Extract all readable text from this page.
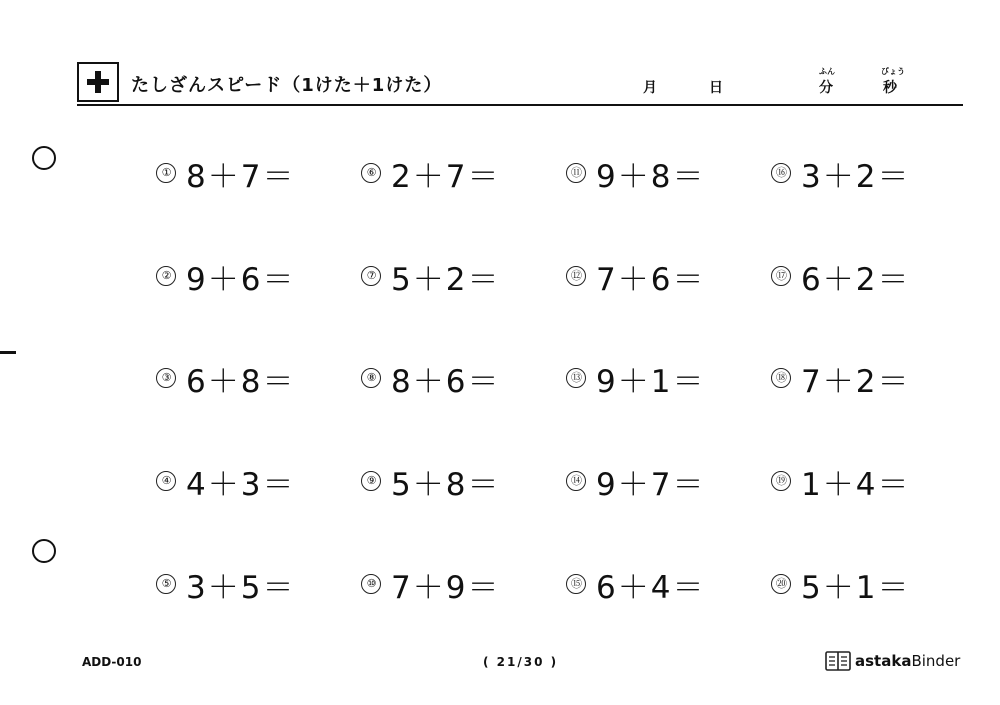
たしざんスピード（1けた＋1けた）	月	日
ふん
分
びょう
秒
① 8＋7＝
② 9＋6＝
③ 6＋8＝
④ 4＋3＝
⑤ 3＋5＝
⑥ 2＋7＝
⑦ 5＋2＝
⑧ 8＋6＝
⑨ 5＋8＝
⑩ 7＋9＝
⑪ 9＋8＝
⑫ 7＋6＝
⑬ 9＋1＝
⑭ 9＋7＝
⑮ 6＋4＝
⑯ 3＋2＝
⑰ 6＋2＝
⑱ 7＋2＝
⑲ 1＋4＝
⑳ 5＋1＝
ADD-010	( 21/30 )	astaka Binder
